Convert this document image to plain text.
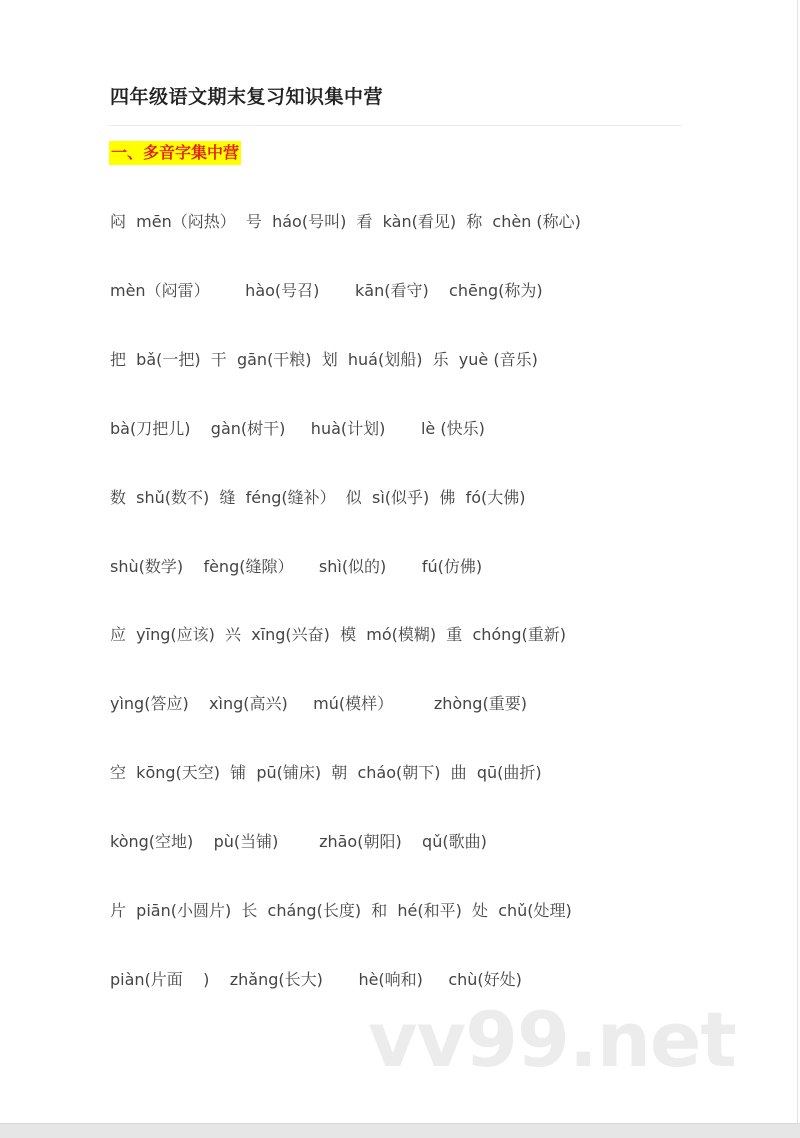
四年级语文期末复习知识集中营
一、多音字集中营
闷  mēn（闷热）  号  háo(号叫)  看  kàn(看见)  称  chèn (称心)
mèn（闷雷）       hào(号召)       kān(看守)    chēng(称为)
把  bǎ(一把)  干  gān(干粮)  划  huá(划船)  乐  yuè (音乐)
bà(刀把儿)    gàn(树干)     huà(计划)       lè (快乐)
数  shǔ(数不)  缝  féng(缝补）  似  sì(似乎)  佛  fó(大佛)
shù(数学)    fèng(缝隙）     shì(似的)       fú(仿佛)
应  yīng(应该)  兴  xīng(兴奋)  模  mó(模糊)  重  chóng(重新)
yìng(答应)    xìng(高兴)     mú(模样）        zhòng(重要)
空  kōng(天空)  铺  pū(铺床)  朝  cháo(朝下)  曲  qū(曲折)
kòng(空地)    pù(当铺)        zhāo(朝阳)    qǔ(歌曲)
片  piān(小圆片)  长  cháng(长度)  和  hé(和平)  处  chǔ(处理)
piàn(片面    )    zhǎng(长大)       hè(响和)     chù(好处)
vv99.net
